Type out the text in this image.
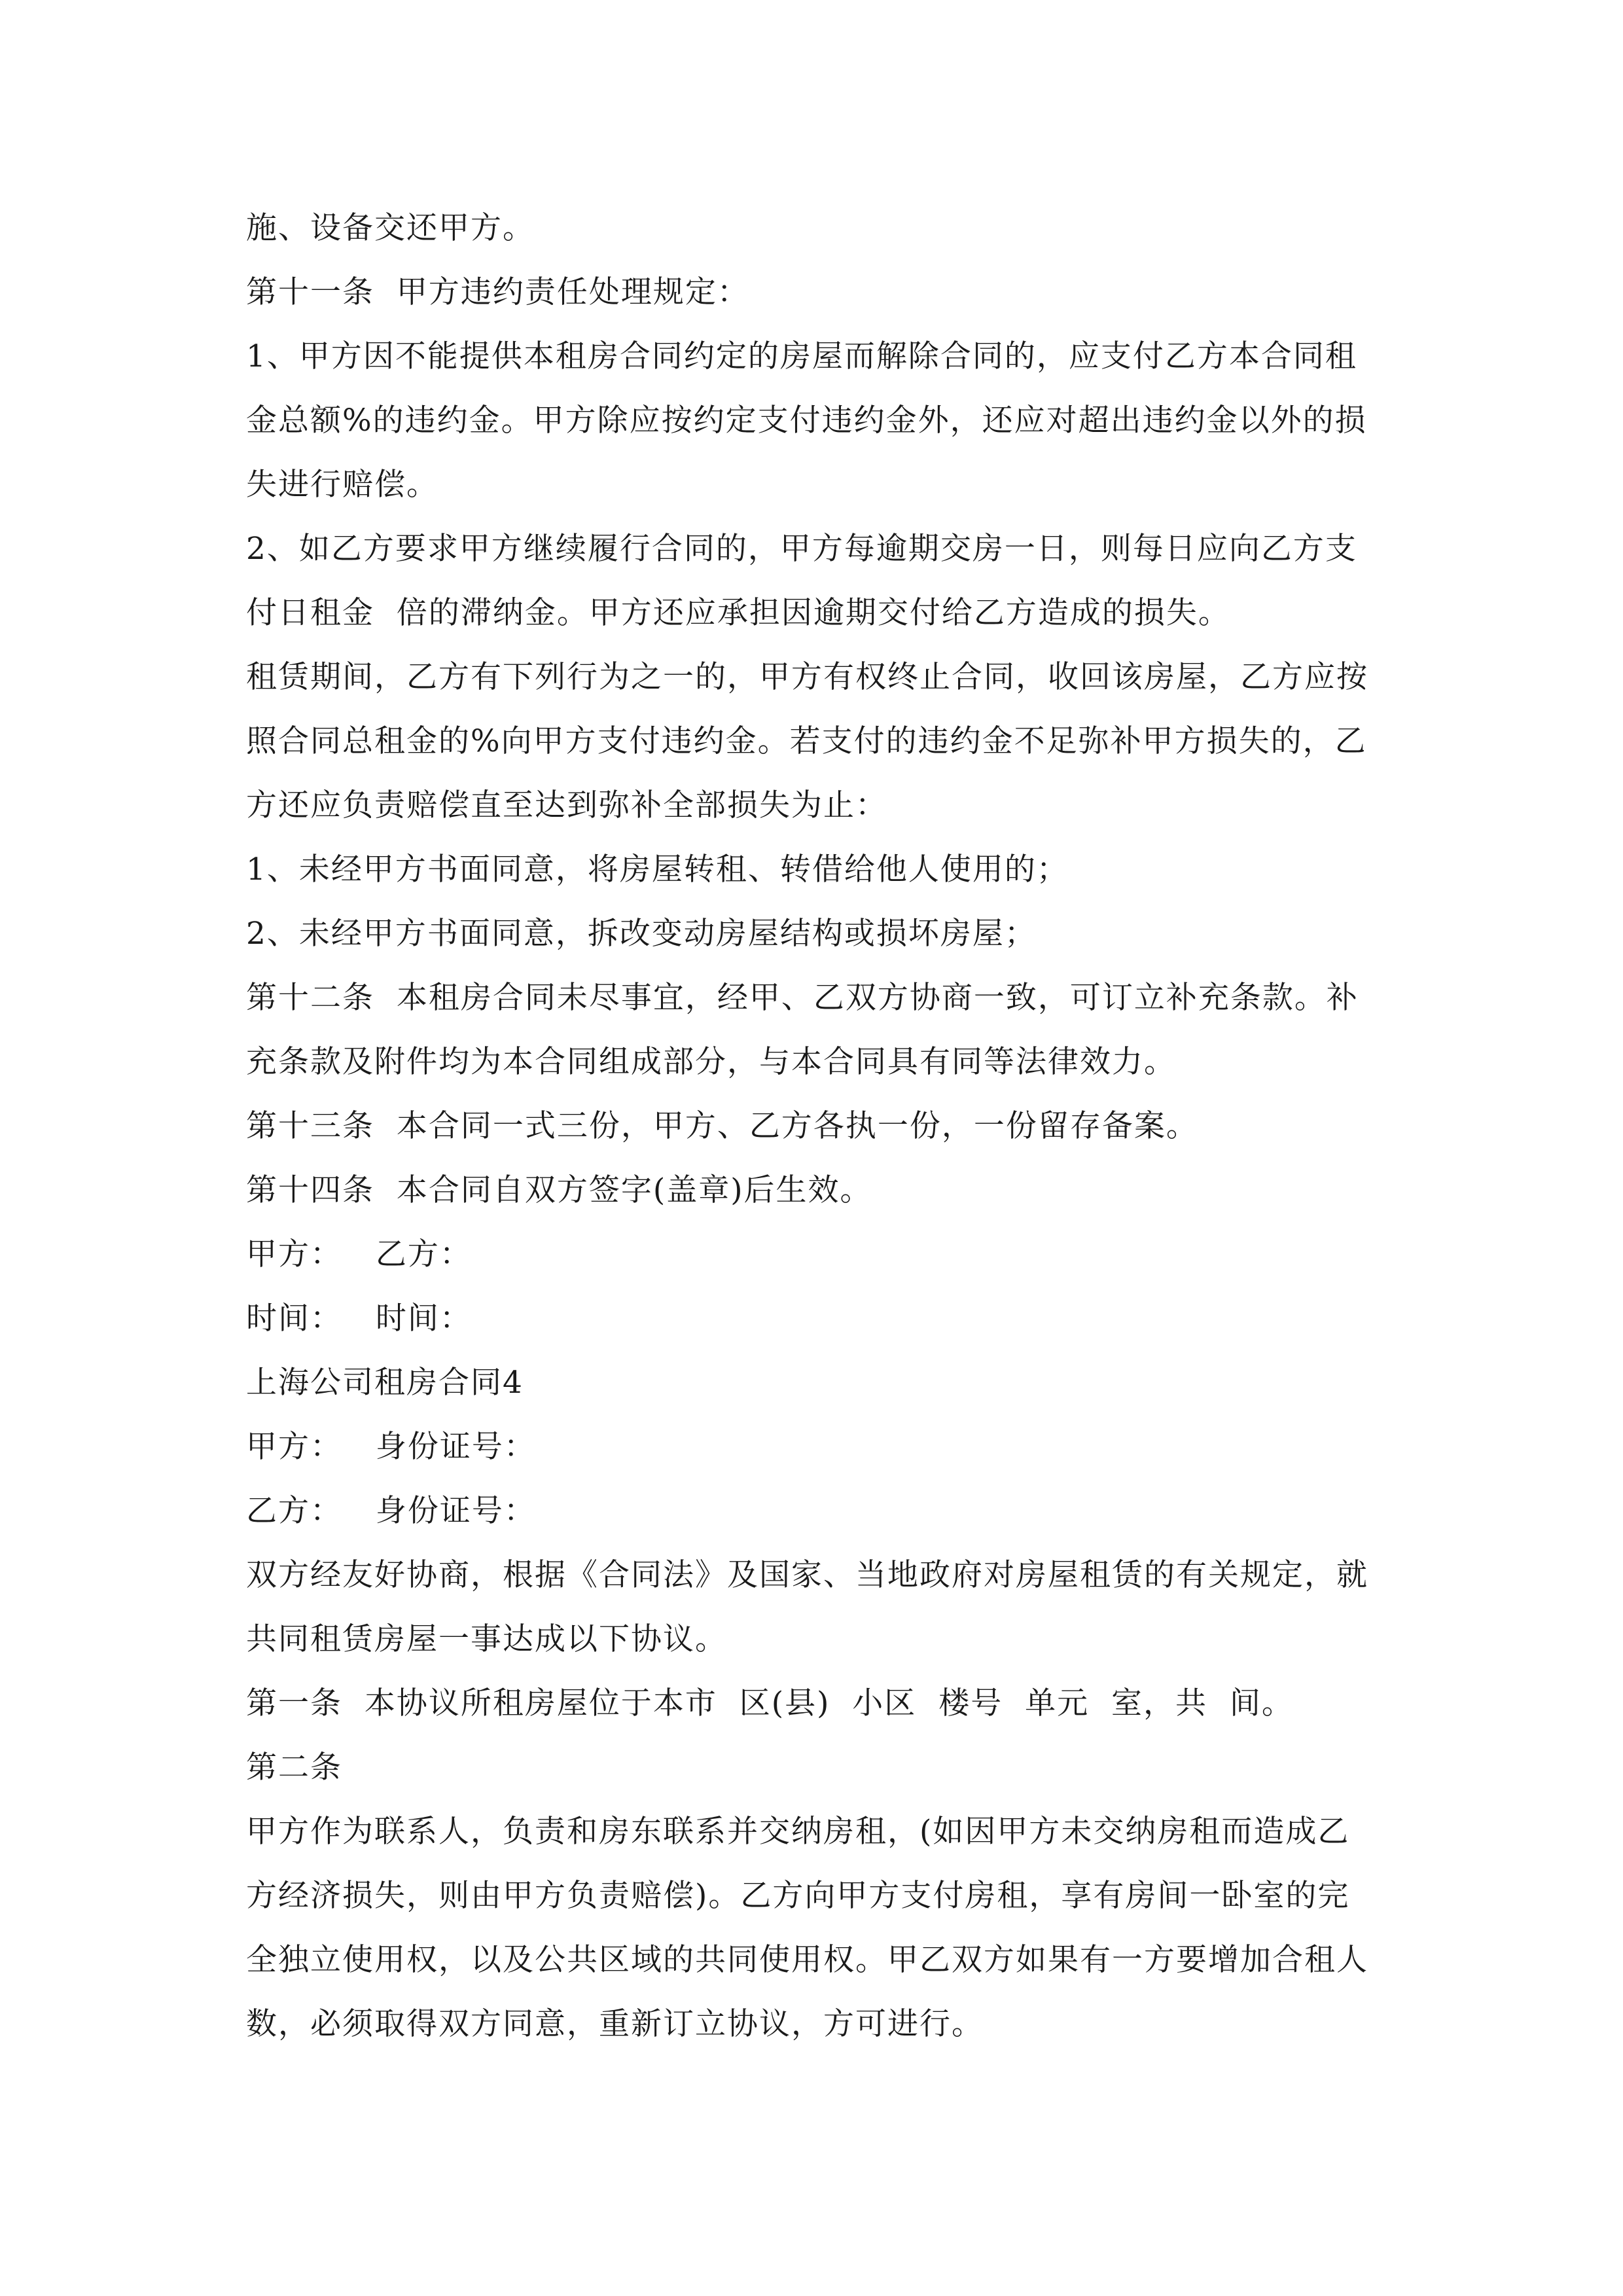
施、设备交还甲方。
第十一条  甲方违约责任处理规定：
1、甲方因不能提供本租房合同约定的房屋而解除合同的，应支付乙方本合同租
金总额%的违约金。甲方除应按约定支付违约金外，还应对超出违约金以外的损
失进行赔偿。
2、如乙方要求甲方继续履行合同的，甲方每逾期交房一日，则每日应向乙方支
付日租金  倍的滞纳金。甲方还应承担因逾期交付给乙方造成的损失。
租赁期间，乙方有下列行为之一的，甲方有权终止合同，收回该房屋，乙方应按
照合同总租金的%向甲方支付违约金。若支付的违约金不足弥补甲方损失的，乙
方还应负责赔偿直至达到弥补全部损失为止：
1、未经甲方书面同意，将房屋转租、转借给他人使用的；
2、未经甲方书面同意，拆改变动房屋结构或损坏房屋；
第十二条  本租房合同未尽事宜，经甲、乙双方协商一致，可订立补充条款。补
充条款及附件均为本合同组成部分，与本合同具有同等法律效力。
第十三条  本合同一式三份，甲方、乙方各执一份，一份留存备案。
第十四条  本合同自双方签字(盖章)后生效。
甲方：   乙方：
时间：   时间：
上海公司租房合同4
甲方：   身份证号：
乙方：   身份证号：
双方经友好协商，根据《合同法》及国家、当地政府对房屋租赁的有关规定，就
共同租赁房屋一事达成以下协议。
第一条  本协议所租房屋位于本市  区(县)  小区  楼号  单元  室，共  间。
第二条
甲方作为联系人，负责和房东联系并交纳房租，(如因甲方未交纳房租而造成乙
方经济损失，则由甲方负责赔偿)。乙方向甲方支付房租，享有房间一卧室的完
全独立使用权，以及公共区域的共同使用权。甲乙双方如果有一方要增加合租人
数，必须取得双方同意，重新订立协议，方可进行。
